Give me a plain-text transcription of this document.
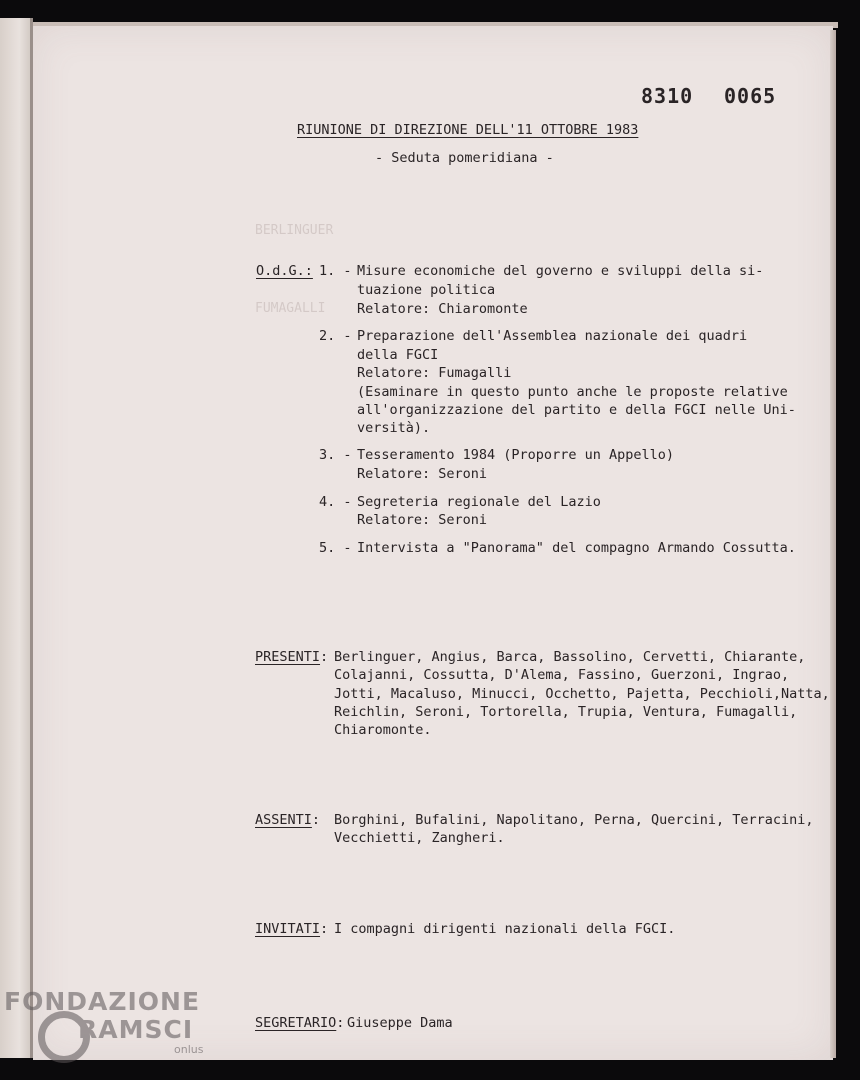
BERLINGUER

FUMAGALLI
8310 0065
RIUNIONE DI DIREZIONE DELL'11 OTTOBRE 1983
- Seduta pomeridiana -
O.d.G.: 1. - Misure economiche del governo e sviluppi della si-
tuazione politica
Relatore: Chiaromonte
2. - Preparazione dell'Assemblea nazionale dei quadri
della FGCI
Relatore: Fumagalli
(Esaminare in questo punto anche le proposte relative
all'organizzazione del partito e della FGCI nelle Uni-
versità).
3. - Tesseramento 1984 (Proporre un Appello)
Relatore: Seroni
4. - Segreteria regionale del Lazio
Relatore: Seroni
5. - Intervista a "Panorama" del compagno Armando Cossutta.
PRESENTI: Berlinguer, Angius, Barca, Bassolino, Cervetti, Chiarante,
Colajanni, Cossutta, D'Alema, Fassino, Guerzoni, Ingrao,
Jotti, Macaluso, Minucci, Occhetto, Pajetta, Pecchioli,Natta,
Reichlin, Seroni, Tortorella, Trupia, Ventura, Fumagalli,
Chiaromonte.
ASSENTI: Borghini, Bufalini, Napolitano, Perna, Quercini, Terracini,
Vecchietti, Zangheri.
INVITATI: I compagni dirigenti nazionali della FGCI.
SEGRETARIO: Giuseppe Dama
FONDAZIONE
RAMSCI
onlus
